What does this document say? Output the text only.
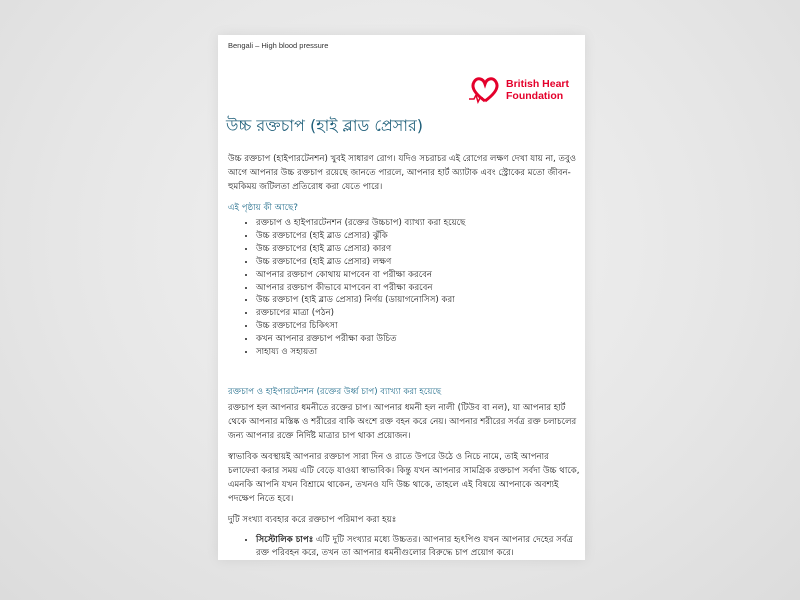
Bengali – High blood pressure
British Heart
Foundation
উচ্চ রক্তচাপ (হাই ব্লাড প্রেসার)

উচ্চ রক্তচাপ (হাইপারটেনশন) খুবই সাধারণ রোগ। যদিও সচরাচর এই রোগের লক্ষণ দেখা যায় না, তবুও আগে আপনার উচ্চ রক্তচাপ রয়েছে জানতে পারলে, আপনার হার্ট অ্যাটাক এবং স্ট্রোকের মতো জীবন-হুমকিময় জটিলতা প্রতিরোধ করা যেতে পারে।

এই পৃষ্ঠায় কী আছে?
• রক্তচাপ ও হাইপারটেনশন (রক্তের উচ্চচাপ) ব্যাখ্যা করা হয়েছে
• উচ্চ রক্তচাপের (হাই ব্লাড প্রেসার) ঝুঁকি
• উচ্চ রক্তচাপের (হাই ব্লাড প্রেসার) কারণ
• উচ্চ রক্তচাপের (হাই ব্লাড প্রেসার) লক্ষণ
• আপনার রক্তচাপ কোথায় মাপবেন বা পরীক্ষা করবেন
• আপনার রক্তচাপ কীভাবে মাপবেন বা পরীক্ষা করবেন
• উচ্চ রক্তচাপ (হাই ব্লাড প্রেসার) নির্ণয় (ডায়াগনোসিস) করা
• রক্তচাপের মাত্রা (পঠন)
• উচ্চ রক্তচাপের চিকিৎসা
• কখন আপনার রক্তচাপ পরীক্ষা করা উচিত
• সাহায্য ও সহায়তা
রক্তচাপ ও হাইপারটেনশন (রক্তের উর্ধ্ব চাপ) ব্যাখ্যা করা হয়েছে

রক্তচাপ হল আপনার ধমনীতে রক্তের চাপ। আপনার ধমনী হল নালী (টিউব বা নল), যা আপনার হার্ট থেকে আপনার মস্তিষ্ক ও শরীরের বাকি অংশে রক্ত বহন করে নেয়। আপনার শরীরের সর্বত্র রক্ত চলাচলের জন্য আপনার রক্তে নির্দিষ্ট মাত্রার চাপ থাকা প্রয়োজন।

স্বাভাবিক অবস্থায়ই আপনার রক্তচাপ সারা দিন ও রাতে উপরে উঠে ও নিচে নামে, তাই আপনার চলাফেরা করার সময় এটি বেড়ে যাওয়া স্বাভাবিক। কিন্তু যখন আপনার সামগ্রিক রক্তচাপ সর্বদা উচ্চ থাকে, এমনকি আপনি যখন বিশ্রামে থাকেন, তখনও যদি উচ্চ থাকে, তাহলে এই বিষয়ে আপনাকে অবশ্যই পদক্ষেপ নিতে হবে।

দুটি সংখ্যা ব্যবহার করে রক্তচাপ পরিমাপ করা হয়ঃ

• সিস্টোলিক চাপঃ এটি দুটি সংখ্যার মধ্যে উচ্চতর। আপনার হৃৎপিণ্ড যখন আপনার দেহের সর্বত্র রক্ত পরিবহন করে, তখন তা আপনার ধমনীগুলোর বিরুদ্ধে চাপ প্রয়োগ করে।
